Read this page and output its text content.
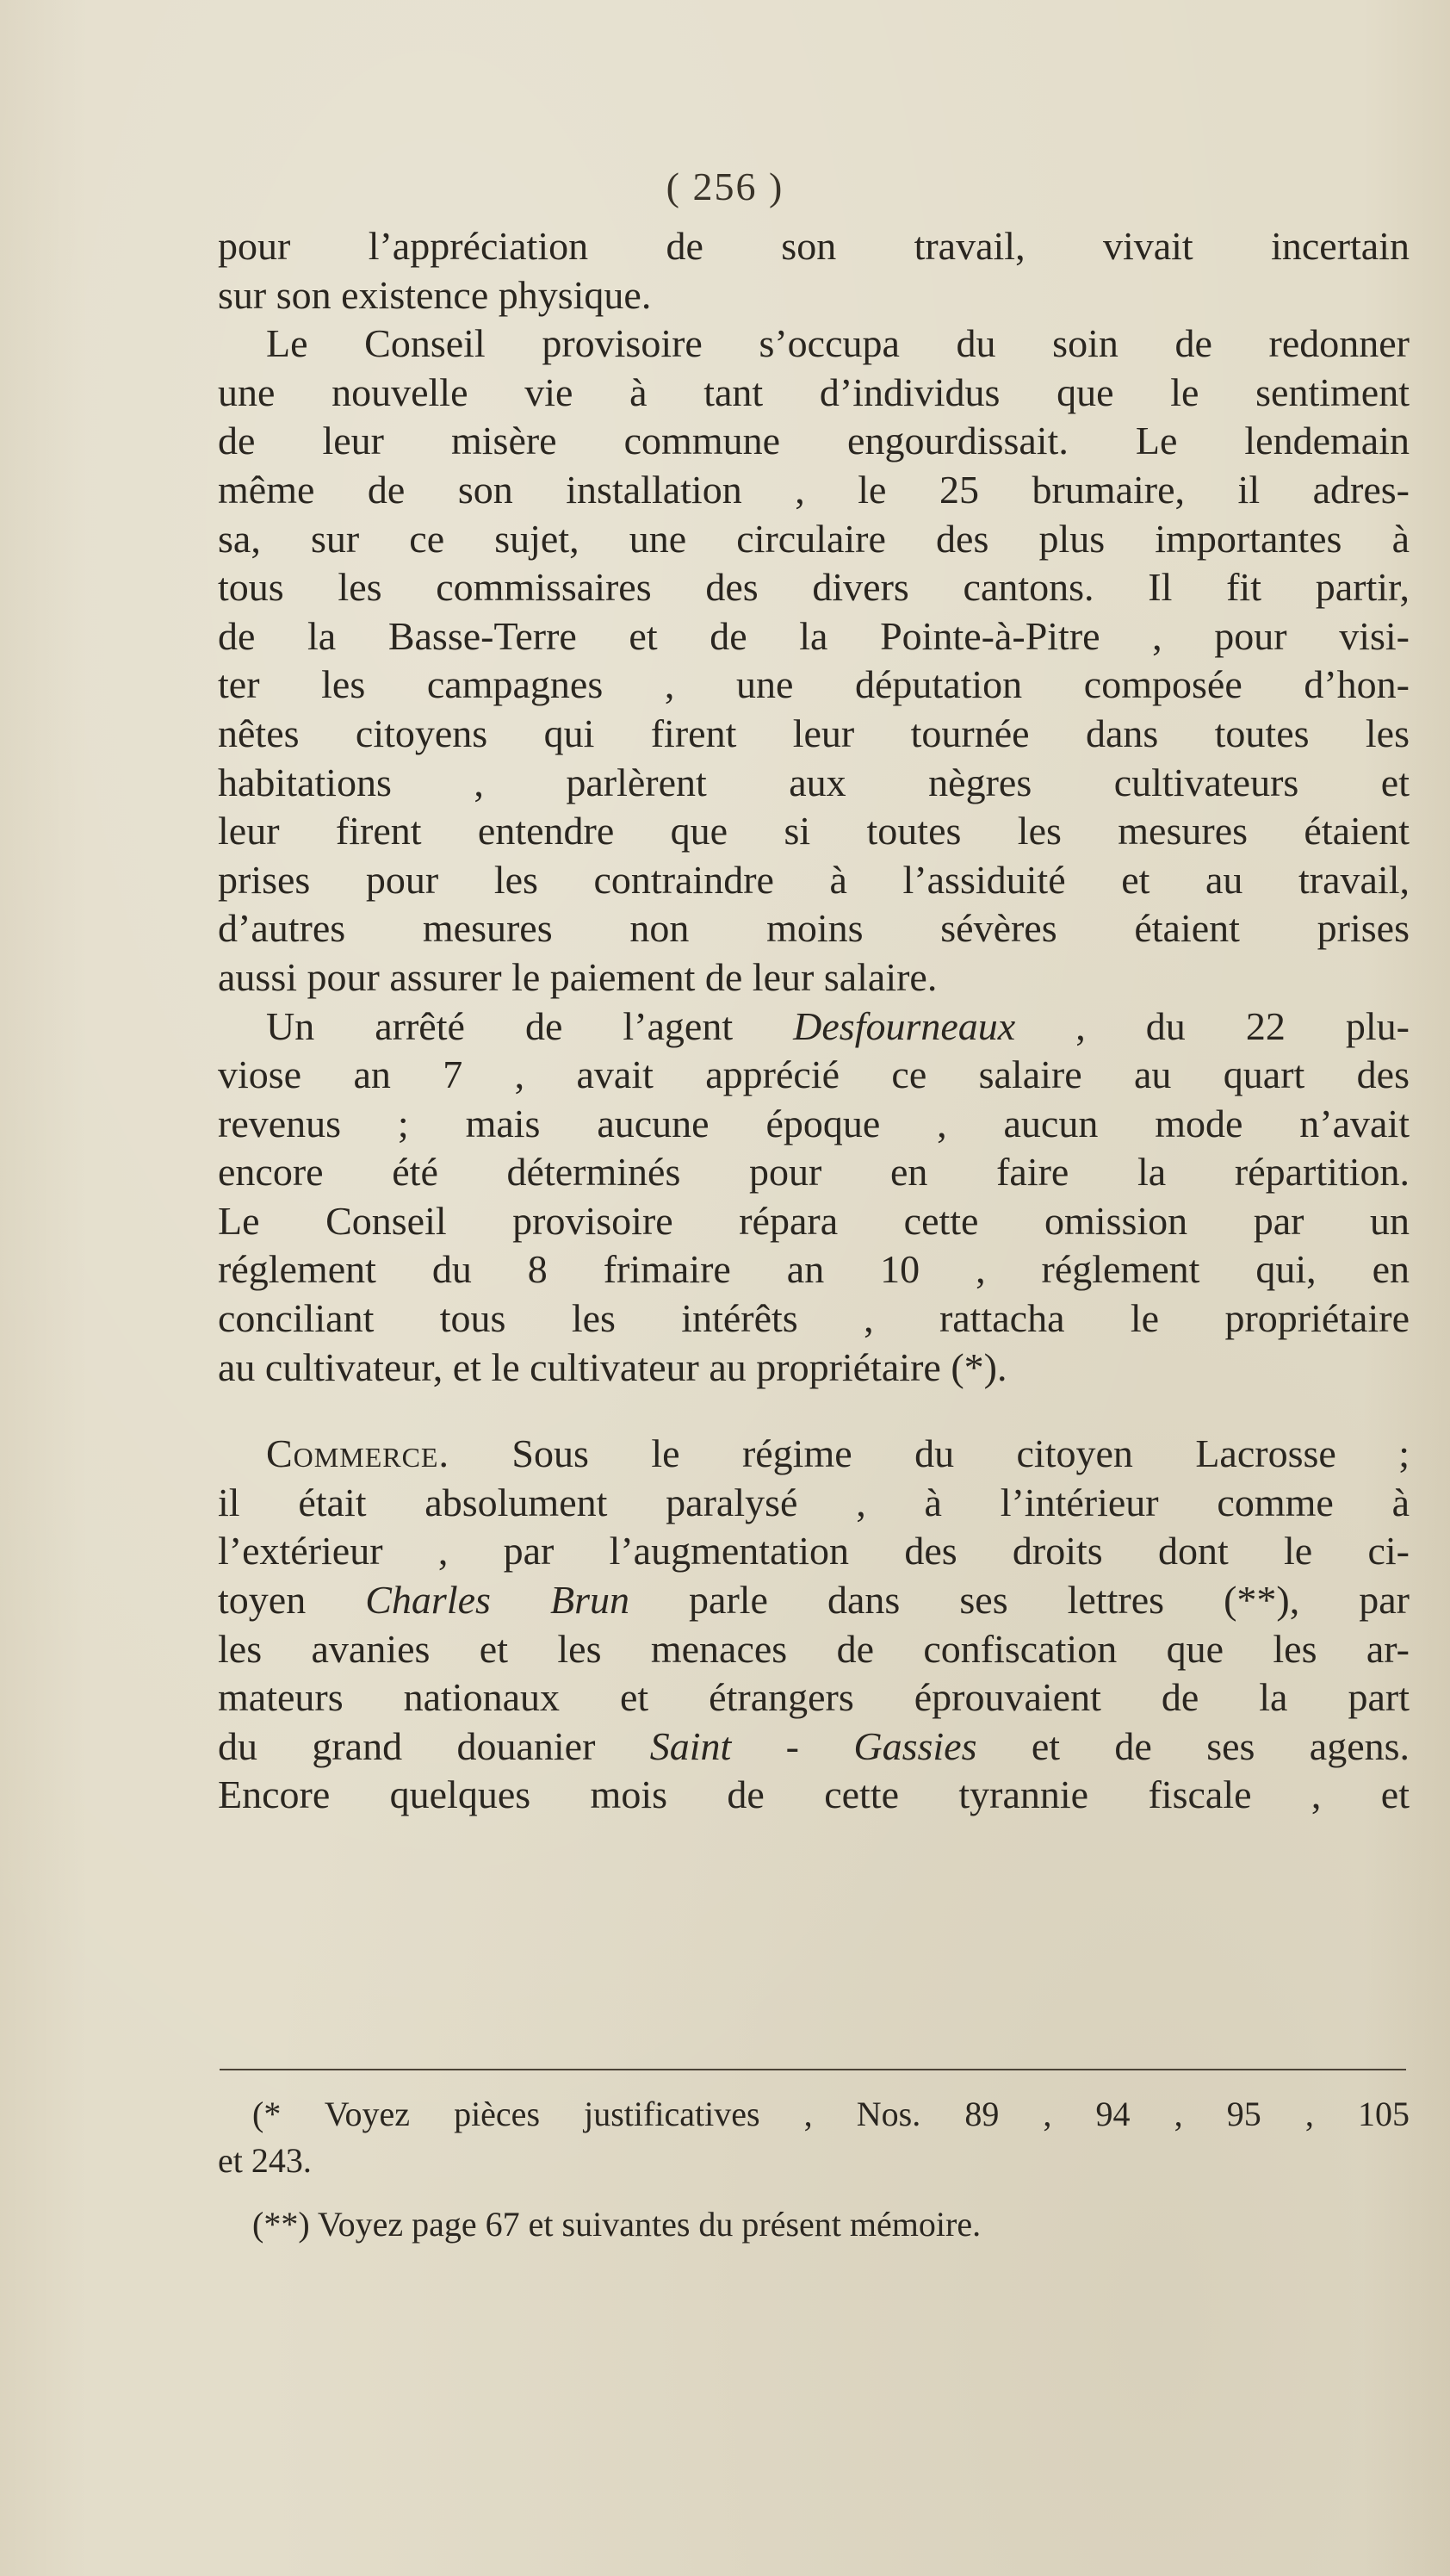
( 256 )
pour l’appréciation de son travail, vivait incertain
sur son existence physique.
Le Conseil provisoire s’occupa du soin de redonner
une nouvelle vie à tant d’individus que le sentiment
de leur misère commune engourdissait. Le lendemain
même de son installation , le 25 brumaire, il adres-
sa, sur ce sujet, une circulaire des plus importantes à
tous les commissaires des divers cantons. Il fit partir,
de la Basse-Terre et de la Pointe-à-Pitre , pour visi-
ter les campagnes , une députation composée d’hon-
nêtes citoyens qui firent leur tournée dans toutes les
habitations , parlèrent aux nègres cultivateurs et
leur firent entendre que si toutes les mesures étaient
prises pour les contraindre à l’assiduité et au travail,
d’autres mesures non moins sévères étaient prises
aussi pour assurer le paiement de leur salaire.
Un arrêté de l’agent Desfourneaux , du 22 plu-
viose an 7 , avait apprécié ce salaire au quart des
revenus ; mais aucune époque , aucun mode n’avait
encore été déterminés pour en faire la répartition.
Le Conseil provisoire répara cette omission par un
réglement du 8 frimaire an 10 , réglement qui, en
conciliant tous les intérêts , rattacha le propriétaire
au cultivateur, et le cultivateur au propriétaire (*).
Commerce. Sous le régime du citoyen Lacrosse ;
il était absolument paralysé , à l’intérieur comme à
l’extérieur , par l’augmentation des droits dont le ci-
toyen Charles Brun parle dans ses lettres (**), par
les avanies et les menaces de confiscation que les ar-
mateurs nationaux et étrangers éprouvaient de la part
du grand douanier Saint - Gassies et de ses agens.
Encore quelques mois de cette tyrannie fiscale , et
(* Voyez pièces justificatives , Nos. 89 , 94 , 95 , 105
et 243.
(**) Voyez page 67 et suivantes du présent mémoire.
